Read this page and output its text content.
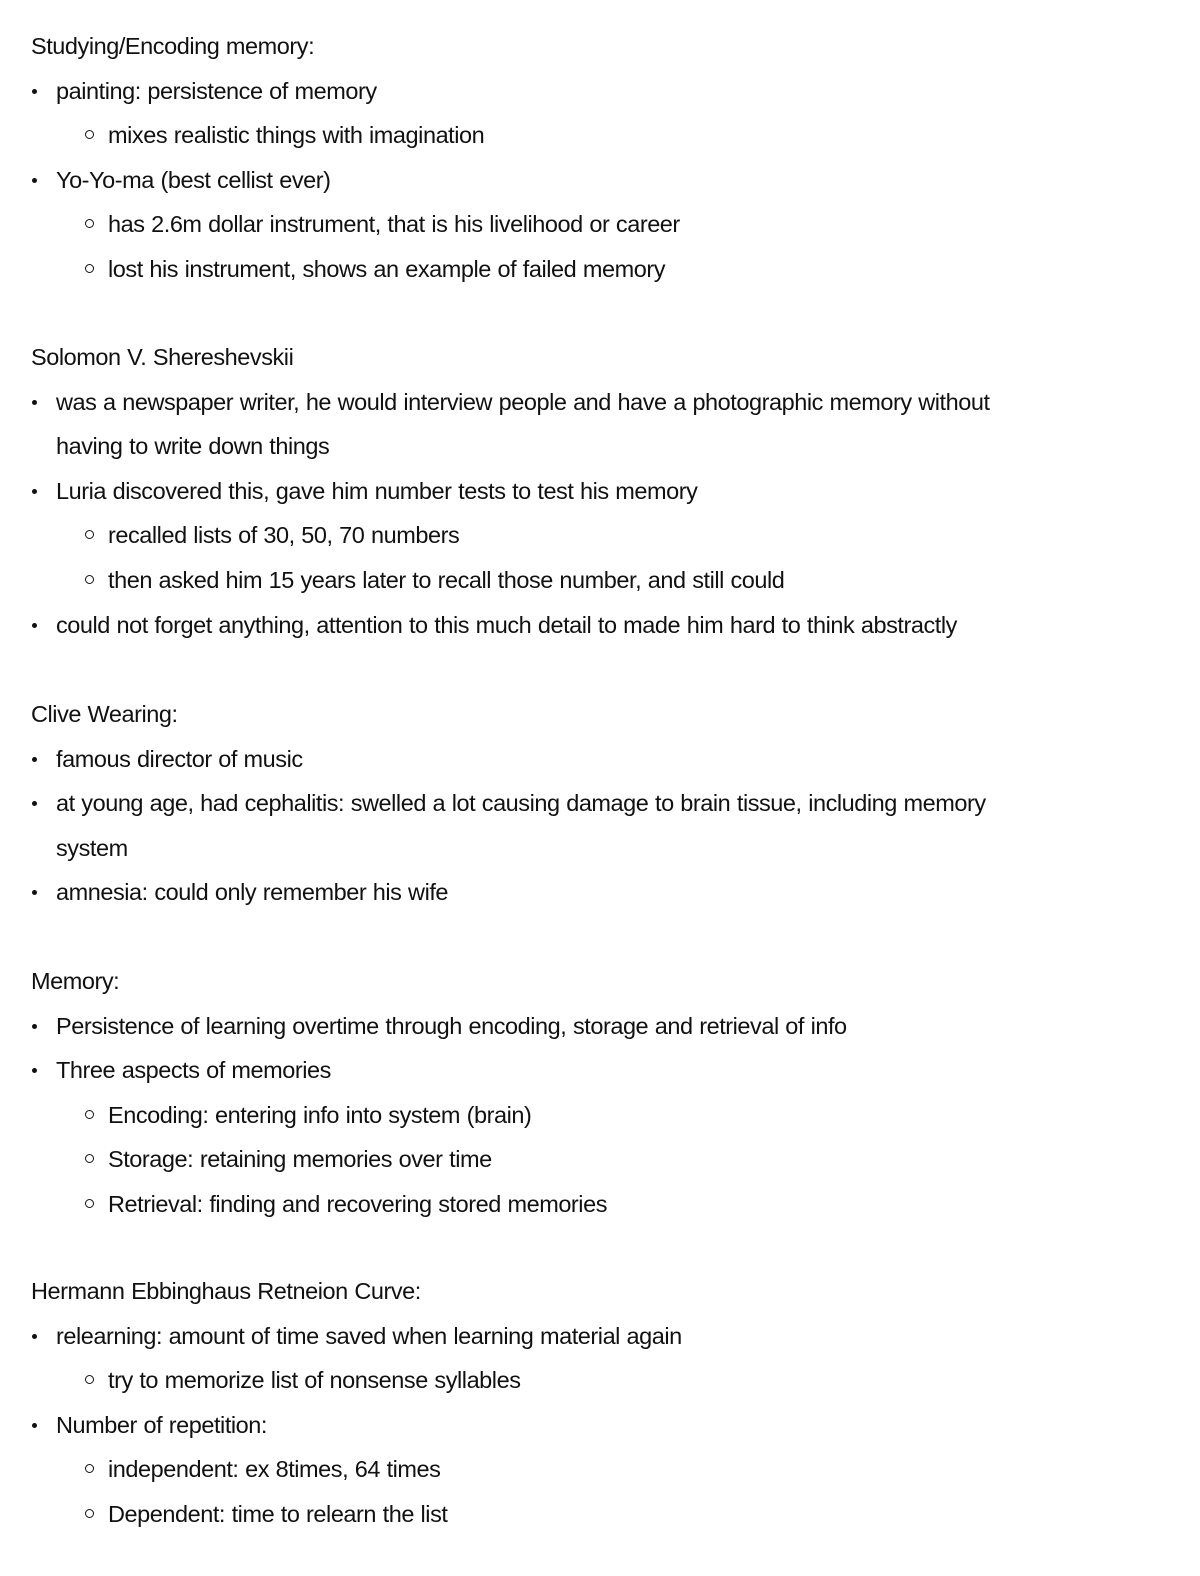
Studying/Encoding memory:
painting: persistence of memory
mixes realistic things with imagination
Yo-Yo-ma (best cellist ever)
has 2.6m dollar instrument, that is his livelihood or career
lost his instrument, shows an example of failed memory
Solomon V. Shereshevskii
was a newspaper writer, he would interview people and have a photographic memory without
having to write down things
Luria discovered this, gave him number tests to test his memory
recalled lists of 30, 50, 70 numbers
then asked him 15 years later to recall those number, and still could
could not forget anything, attention to this much detail to made him hard to think abstractly
Clive Wearing:
famous director of music
at young age, had cephalitis: swelled a lot causing damage to brain tissue, including memory
system
amnesia: could only remember his wife
Memory:
Persistence of learning overtime through encoding, storage and retrieval of info
Three aspects of memories
Encoding: entering info into system (brain)
Storage: retaining memories over time
Retrieval: finding and recovering stored memories
Hermann Ebbinghaus Retneion Curve:
relearning: amount of time saved when learning material again
try to memorize list of nonsense syllables
Number of repetition:
independent: ex 8times, 64 times
Dependent: time to relearn the list
